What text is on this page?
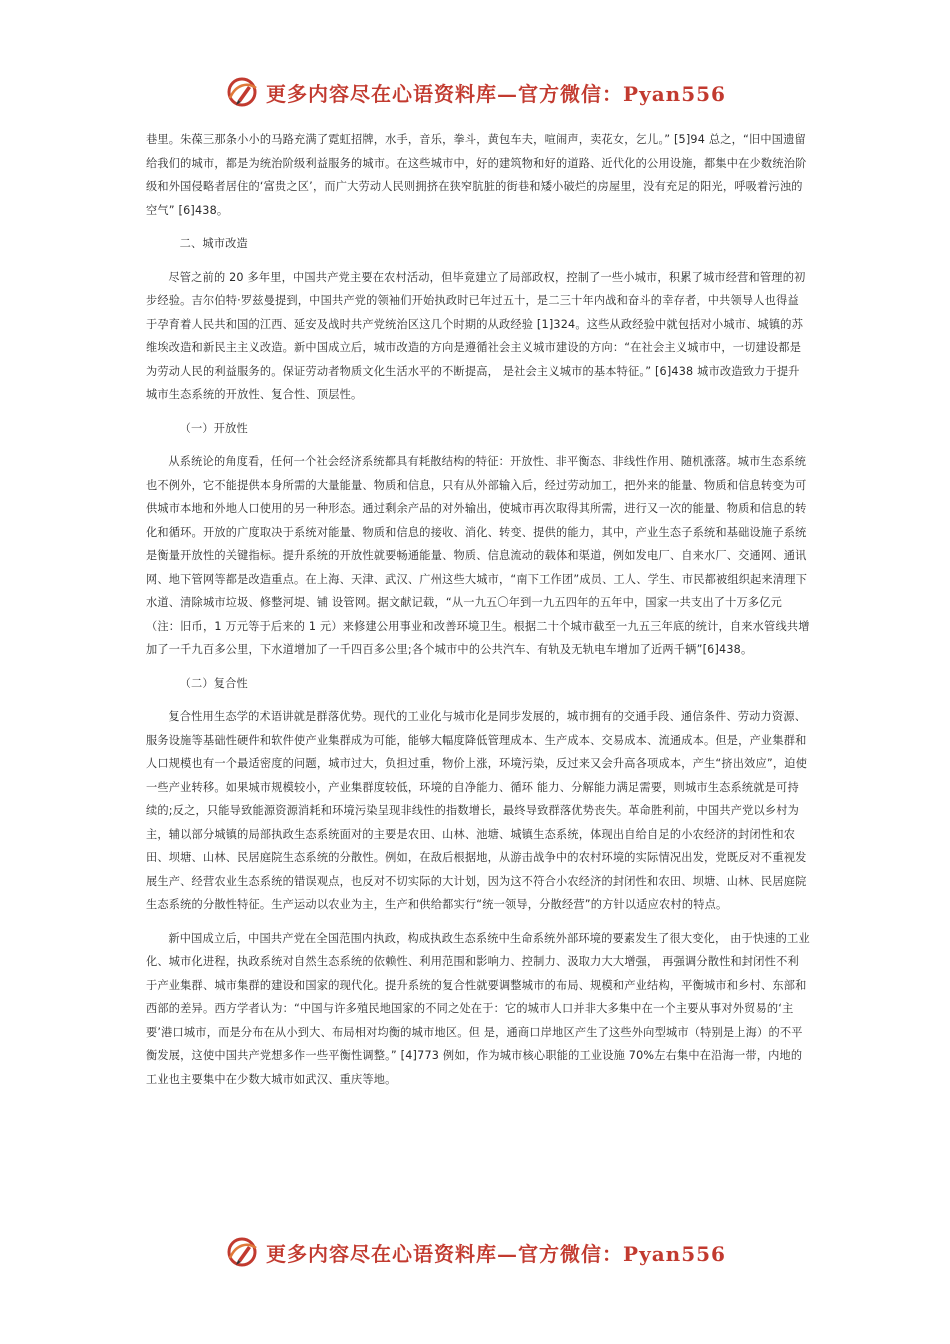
更多内容尽在心语资料库—官方微信：Pyan556

巷里。朱葆三那条小小的马路充满了霓虹招牌，水手，音乐，拳斗，黄包车夫，喧闹声，卖花女，乞儿。” [5]94 总之，“旧中国遗留给我们的城市，都是为统治阶级利益服务的城市。在这些城市中，好的建筑物和好的道路、近代化的公用设施，都集中在少数统治阶级和外国侵略者居住的‘富贵之区’，而广大劳动人民则拥挤在狭窄肮脏的街巷和矮小破烂的房屋里，没有充足的阳光，呼吸着污浊的空气” [6]438。

二、城市改造

尽管之前的 20 多年里，中国共产党主要在农村活动，但毕竟建立了局部政权，控制了一些小城市，积累了城市经营和管理的初步经验。吉尔伯特·罗兹曼提到，中国共产党的领袖们开始执政时已年过五十，是二三十年内战和奋斗的幸存者，中共领导人也得益于孕育着人民共和国的江西、延安及战时共产党统治区这几个时期的从政经验 [1]324。这些从政经验中就包括对小城市、城镇的苏维埃改造和新民主主义改造。新中国成立后，城市改造的方向是遵循社会主义城市建设的方向：“在社会主义城市中，一切建设都是为劳动人民的利益服务的。保证劳动者物质文化生活水平的不断提高， 是社会主义城市的基本特征。” [6]438 城市改造致力于提升城市生态系统的开放性、复合性、顶层性。

（一）开放性

从系统论的角度看，任何一个社会经济系统都具有耗散结构的特征：开放性、非平衡态、非线性作用、随机涨落。城市生态系统也不例外，它不能提供本身所需的大量能量、物质和信息，只有从外部输入后，经过劳动加工，把外来的能量、物质和信息转变为可供城市本地和外地人口使用的另一种形态。通过剩余产品的对外输出，使城市再次取得其所需，进行又一次的能量、物质和信息的转化和循环。开放的广度取决于系统对能量、物质和信息的接收、消化、转变、提供的能力，其中，产业生态子系统和基础设施子系统是衡量开放性的关键指标。提升系统的开放性就要畅通能量、物质、信息流动的载体和渠道，例如发电厂、自来水厂、交通网、通讯网、地下管网等都是改造重点。在上海、天津、武汉、广州这些大城市，“南下工作团”成员、工人、学生、市民都被组织起来清理下水道、清除城市垃圾、修整河堤、铺 设管网。据文献记载，“从一九五〇年到一九五四年的五年中，国家一共支出了十万多亿元（注：旧币，1 万元等于后来的 1 元）来修建公用事业和改善环境卫生。根据二十个城市截至一九五三年底的统计，自来水管线共增加了一千九百多公里，下水道增加了一千四百多公里;各个城市中的公共汽车、有轨及无轨电车增加了近两千辆”[6]438。

（二）复合性

复合性用生态学的术语讲就是群落优势。现代的工业化与城市化是同步发展的，城市拥有的交通手段、通信条件、劳动力资源、服务设施等基础性硬件和软件使产业集群成为可能，能够大幅度降低管理成本、生产成本、交易成本、流通成本。但是，产业集群和人口规模也有一个最适密度的问题，城市过大，负担过重，物价上涨，环境污染，反过来又会升高各项成本，产生“挤出效应”，迫使一些产业转移。如果城市规模较小，产业集群度较低，环境的自净能力、循环 能力、分解能力满足需要，则城市生态系统就是可持续的;反之，只能导致能源资源消耗和环境污染呈现非线性的指数增长，最终导致群落优势丧失。革命胜利前，中国共产党以乡村为主，辅以部分城镇的局部执政生态系统面对的主要是农田、山林、池塘、城镇生态系统，体现出自给自足的小农经济的封闭性和农田、坝塘、山林、民居庭院生态系统的分散性。例如，在敌后根据地，从游击战争中的农村环境的实际情况出发，党既反对不重视发展生产、经营农业生态系统的错误观点，也反对不切实际的大计划，因为这不符合小农经济的封闭性和农田、坝塘、山林、民居庭院生态系统的分散性特征。生产运动以农业为主，生产和供给都实行“统一领导，分散经营”的方针以适应农村的特点。

新中国成立后，中国共产党在全国范围内执政，构成执政生态系统中生命系统外部环境的要素发生了很大变化， 由于快速的工业化、城市化进程，执政系统对自然生态系统的依赖性、利用范围和影响力、控制力、汲取力大大增强， 再强调分散性和封闭性不利于产业集群、城市集群的建设和国家的现代化。提升系统的复合性就要调整城市的布局、规模和产业结构，平衡城市和乡村、东部和西部的差异。西方学者认为：“中国与许多殖民地国家的不同之处在于：它的城市人口并非大多集中在一个主要从事对外贸易的‘主要’港口城市，而是分布在从小到大、布局相对均衡的城市地区。但 是，通商口岸地区产生了这些外向型城市（特别是上海）的不平衡发展，这使中国共产党想多作一些平衡性调整。” [4]773 例如，作为城市核心职能的工业设施 70%左右集中在沿海一带，内地的工业也主要集中在少数大城市如武汉、重庆等地。

更多内容尽在心语资料库—官方微信：Pyan556
